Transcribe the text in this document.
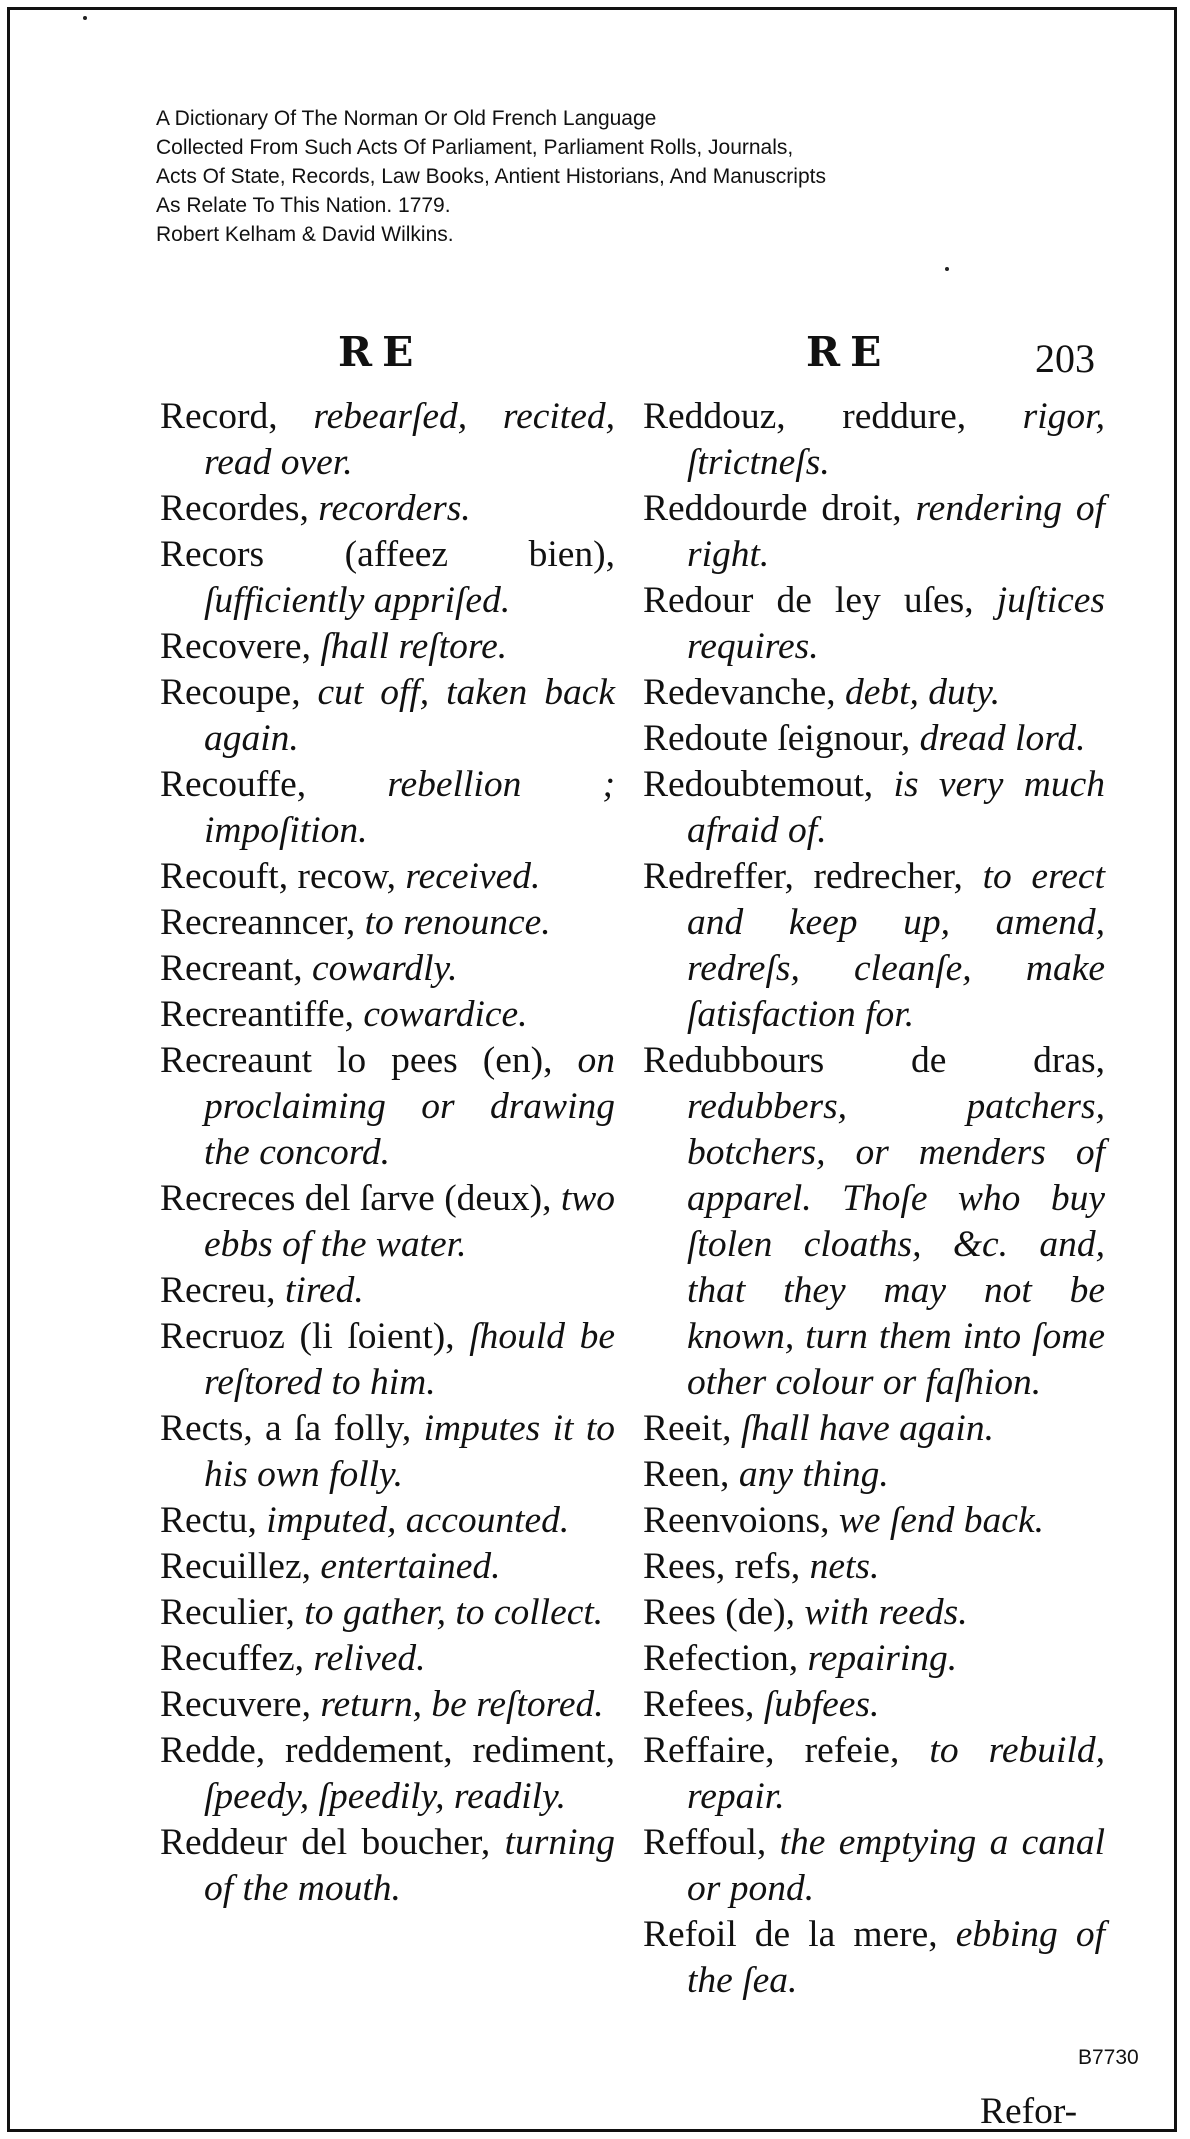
A Dictionary Of The Norman Or Old French Language
Collected From Such Acts Of Parliament, Parliament Rolls, Journals,
Acts Of State, Records, Law Books, Antient Historians, And Manuscripts
As Relate To This Nation. 1779.
Robert Kelham & David Wilkins.
RE	RE	203

Record, rebearſed, recited, read over.

Recordes, recorders.

Recors (affeez bien), ſufficiently appriſed.

Recovere, ſhall reſtore.

Recoupe, cut off, taken back again.

Recouffe, rebellion ; impoſition.

Recouft, recow, received.

Recreanncer, to renounce.

Recreant, cowardly.

Recreantiffe, cowardice.

Recreaunt lo pees (en), on proclaiming or drawing the concord.

Recreces del ſarve (deux), two ebbs of the water.

Recreu, tired.

Recruoz (li ſoient), ſhould be reſtored to him.

Rects, a ſa folly, imputes it to his own folly.

Rectu, imputed, accounted.

Recuillez, entertained.

Reculier, to gather, to collect.

Recuffez, relived.

Recuvere, return, be reſtored.

Redde, reddement, rediment, ſpeedy, ſpeedily, readily.

Reddeur del boucher, turning of the mouth.

Reddouz, reddure, rigor, ſtrictneſs.

Reddourde droit, rendering of right.

Redour de ley uſes, juſtices requires.

Redevanche, debt, duty.

Redoute ſeignour, dread lord.

Redoubtemout, is very much afraid of.

Redreffer, redrecher, to erect and keep up, amend, redreſs, cleanſe, make ſatisfaction for.

Redubbours de dras, redubbers, patchers, botchers, or menders of apparel. Thoſe who buy ſtolen cloaths, &c. and, that they may not be known, turn them into ſome other colour or faſhion.

Reeit, ſhall have again.

Reen, any thing.

Reenvoions, we ſend back.

Rees, refs, nets.

Rees (de), with reeds.

Refection, repairing.

Refees, ſubfees.

Reffaire, refeie, to rebuild, repair.

Reffoul, the emptying a canal or pond.

Refoil de la mere, ebbing of the ſea.

B7730
Refor-
